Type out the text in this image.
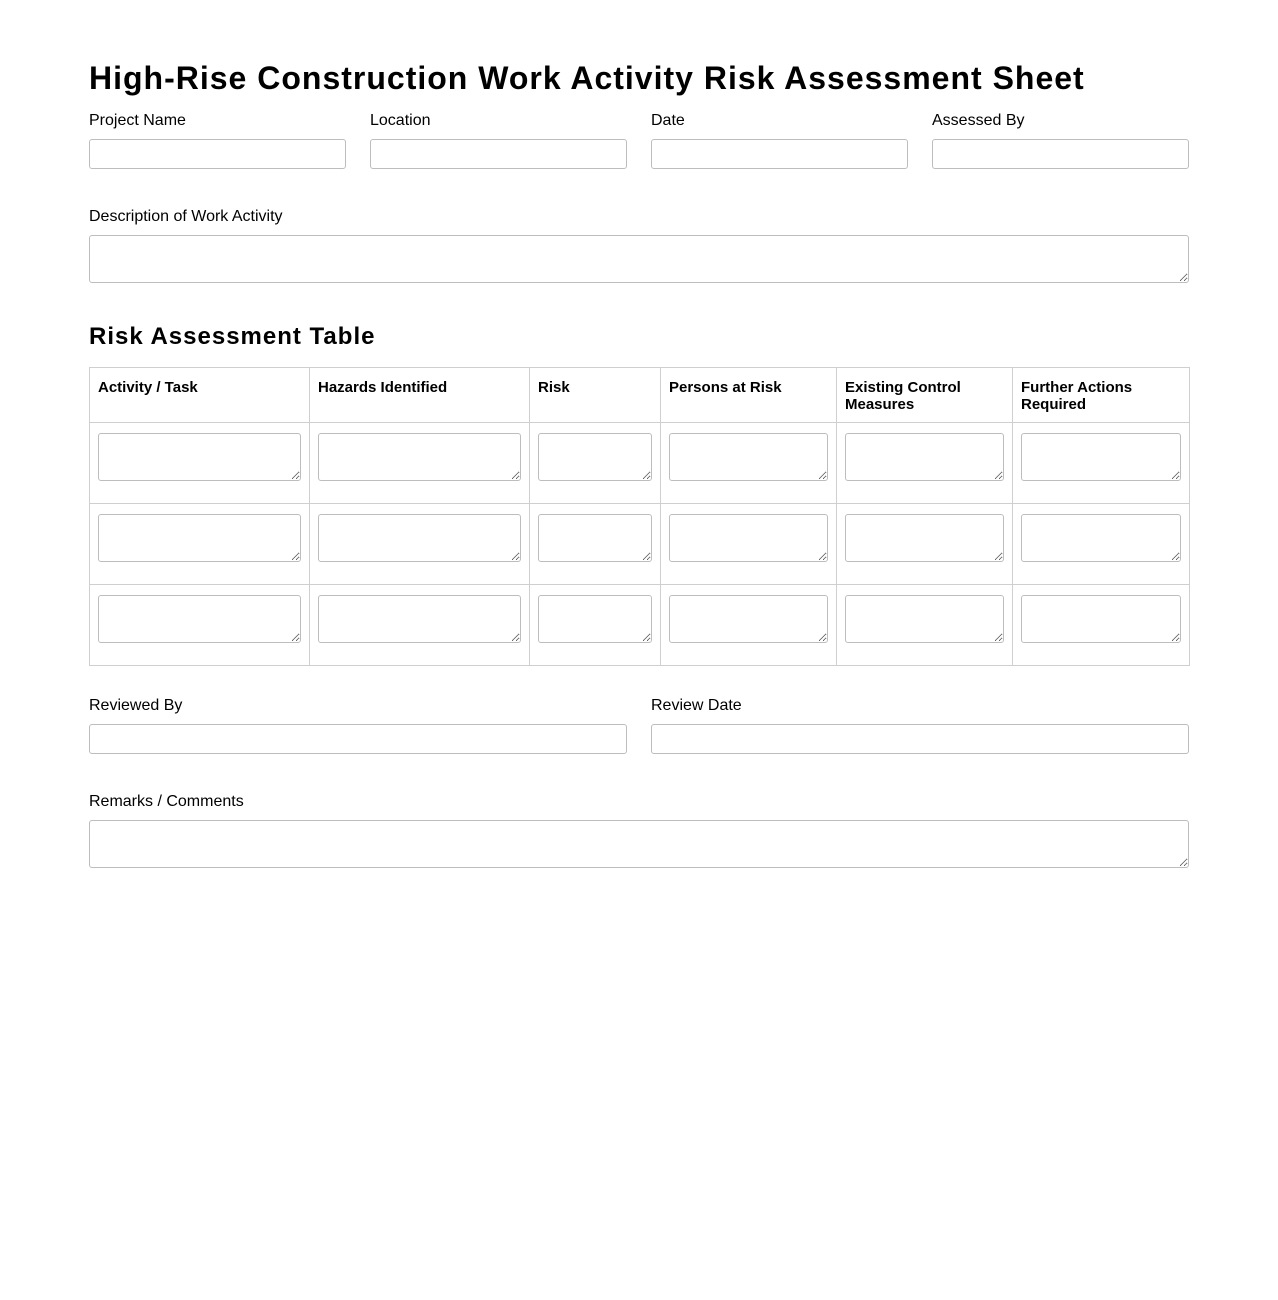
High-Rise Construction Work Activity Risk Assessment Sheet
Project Name	Location	Date	Assessed By
Description of Work Activity
Risk Assessment Table
Activity / Task	Hazards Identified	Risk	Persons at Risk	Existing Control Measures	Further Actions Required

Reviewed By	Review Date
Remarks / Comments
